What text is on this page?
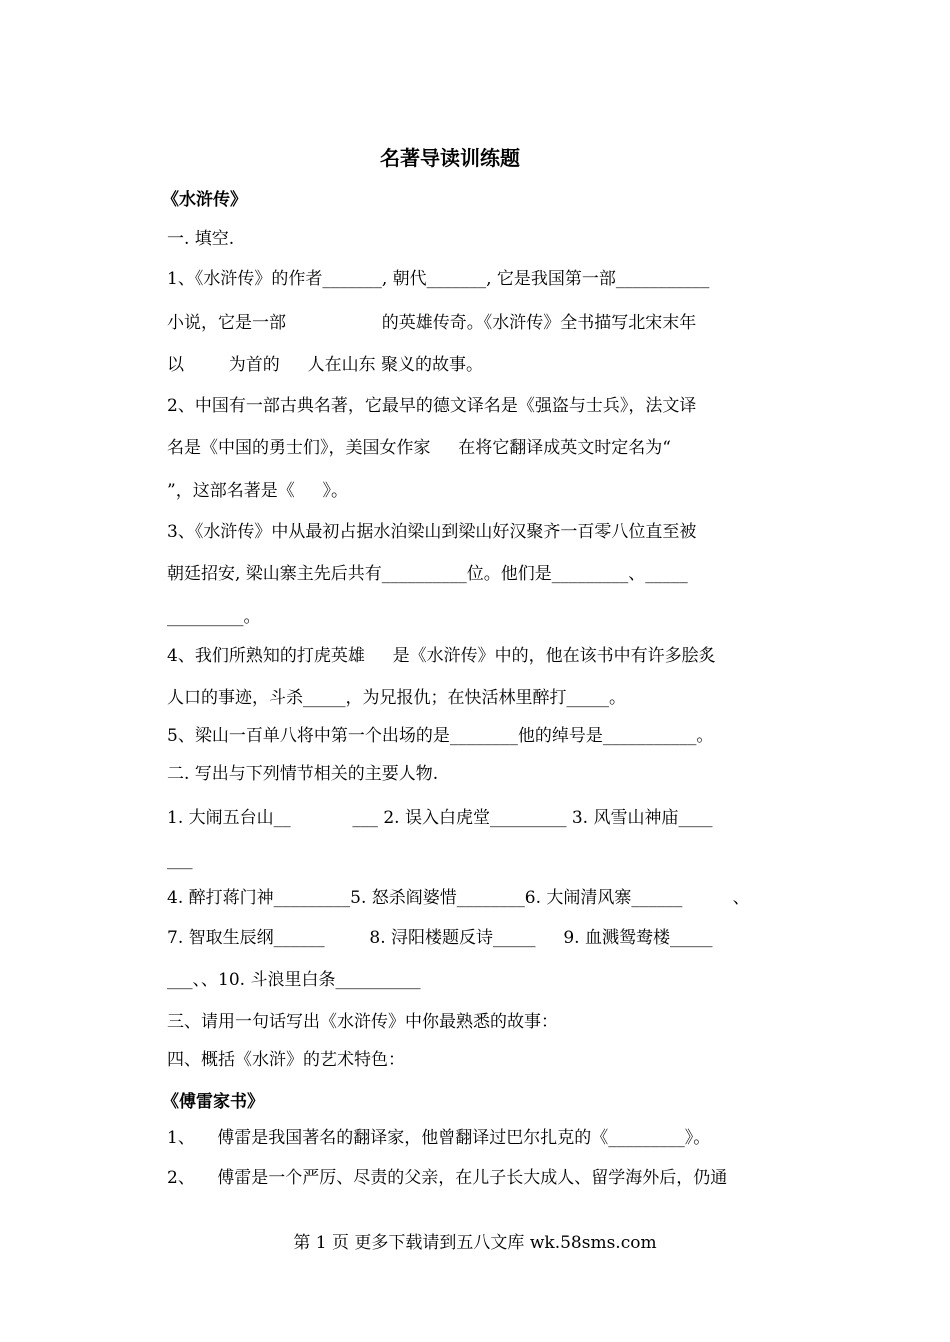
名著导读训练题
《水浒传》
一. 填空.
1、《水浒传》的作者_______, 朝代_______, 它是我国第一部___________
小说，它是一部 　　　　　 的英雄传奇。《水浒传》全书描写北宋末年
以 　　 为首的 　 人在山东 聚义的故事。
2、中国有一部古典名著，它最早的德文译名是《强盗与士兵》，法文译
名是《中国的勇士们》，美国女作家 　 在将它翻译成英文时定名为“
”，这部名著是《 　 》。
3、《水浒传》中从最初占据水泊梁山到梁山好汉聚齐一百零八位直至被
朝廷招安, 梁山寨主先后共有__________位。他们是_________、_____
_________。
4、我们所熟知的打虎英雄 　 是《水浒传》中的，他在该书中有许多脍炙
人口的事迹，斗杀_____，为兄报仇；在快活林里醉打_____。
5、梁山一百单八将中第一个出场的是________他的绰号是___________。
二. 写出与下列情节相关的主要人物.
1. 大闹五台山__ 　　　 ___ 2. 误入白虎堂_________ 3. 风雪山神庙____
___
4. 醉打蒋门神_________5. 怒杀阎婆惜________6. 大闹清风寨______ 　 　 、
7. 智取生辰纲______ 　　 8. 浔阳楼题反诗_____ 　 9. 血溅鸳鸯楼_____
___、、10. 斗浪里白条__________
三、请用一句话写出《水浒传》中你最熟悉的故事：
四、概括《水浒》的艺术特色：
《傅雷家书》
1、 　傅雷是我国著名的翻译家，他曾翻译过巴尔扎克的《_________》。
2、 　傅雷是一个严厉、尽责的父亲，在儿子长大成人、留学海外后，仍通
第 1 页 更多下载请到五八文库 wk.58sms.com
